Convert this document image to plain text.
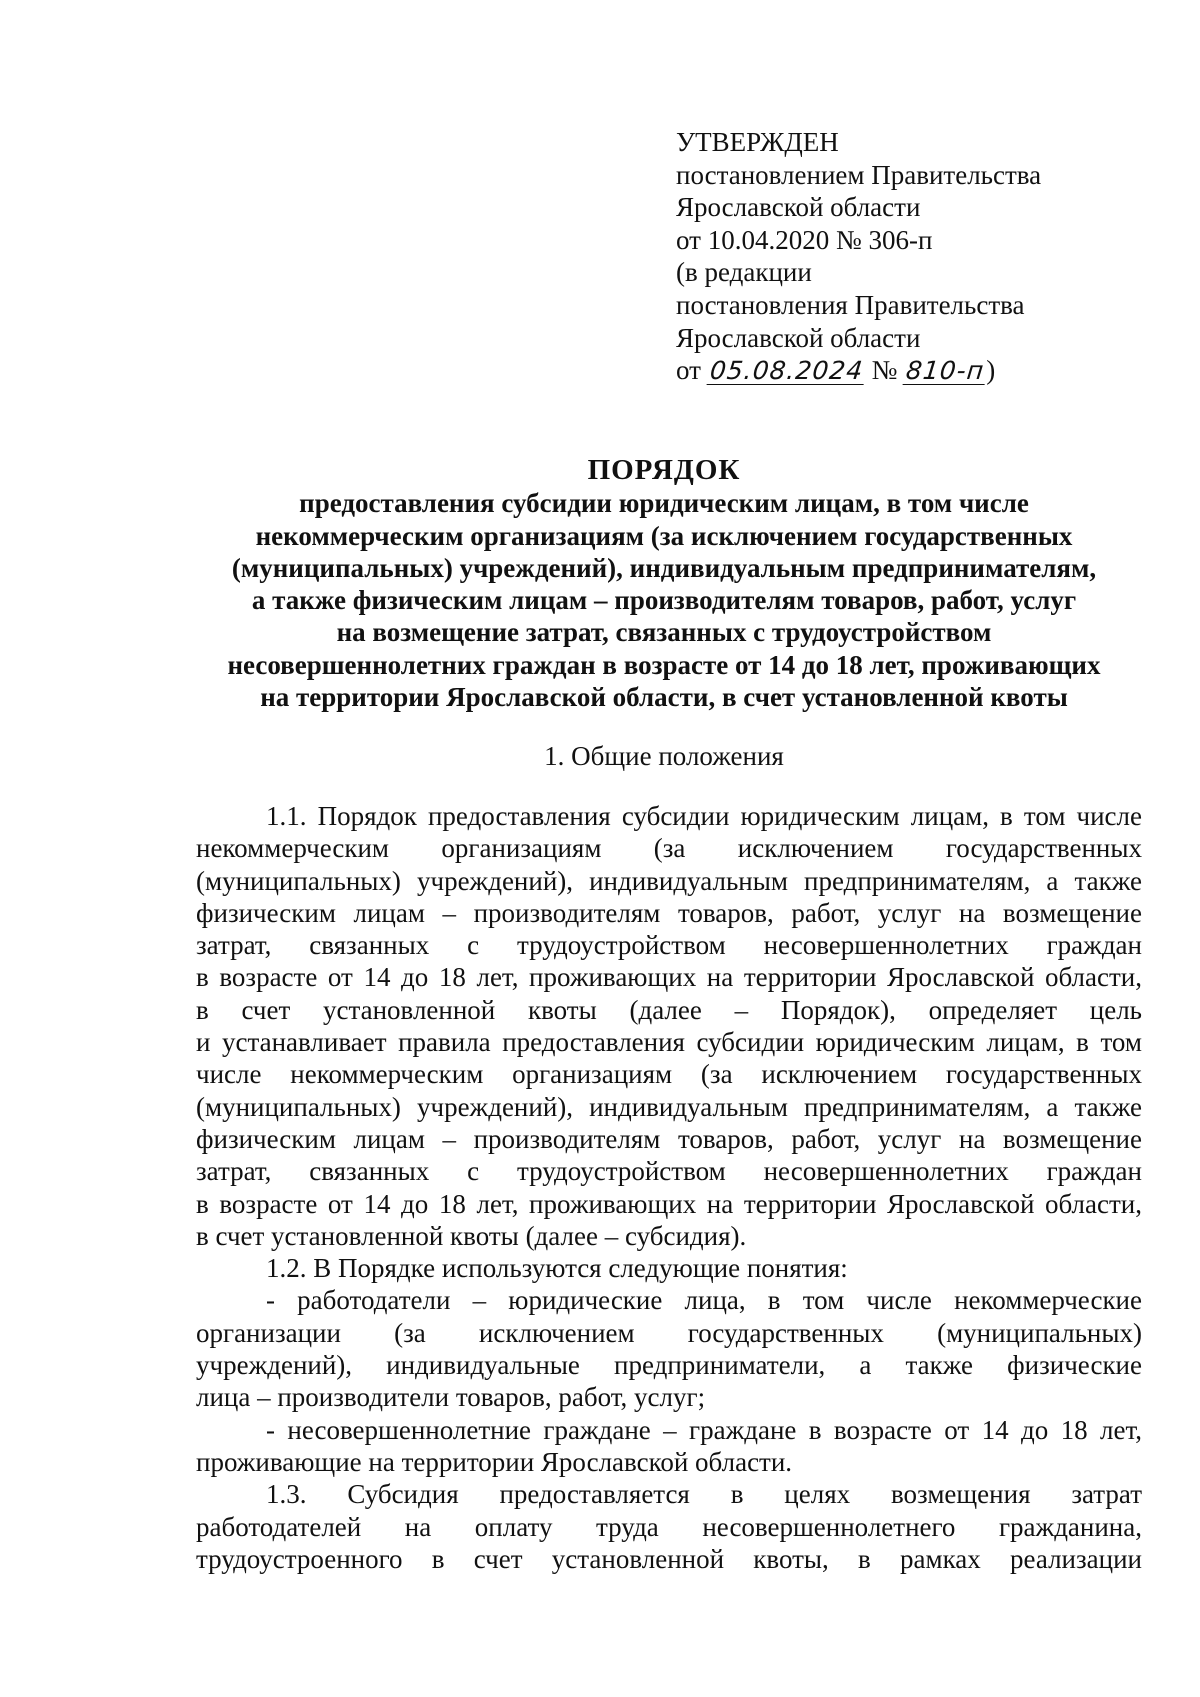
УТВЕРЖДЕН
постановлением Правительства
Ярославской области
от 10.04.2020 № 306-п
(в редакции
постановления Правительства
Ярославской области
от 05.08.2024 № 810-п)
ПОРЯДОК
предоставления субсидии юридическим лицам, в том числе
некоммерческим организациям (за исключением государственных
(муниципальных) учреждений), индивидуальным предпринимателям,
а также физическим лицам – производителям товаров, работ, услуг
на возмещение затрат, связанных с трудоустройством
несовершеннолетних граждан в возрасте от 14 до 18 лет, проживающих
на территории Ярославской области, в счет установленной квоты
1. Общие положения
1.1. Порядок предоставления субсидии юридическим лицам, в том числе
некоммерческим организациям (за исключением государственных
(муниципальных) учреждений), индивидуальным предпринимателям, а также
физическим лицам – производителям товаров, работ, услуг на возмещение
затрат, связанных с трудоустройством несовершеннолетних граждан
в возрасте от 14 до 18 лет, проживающих на территории Ярославской области,
в счет установленной квоты (далее – Порядок), определяет цель
и устанавливает правила предоставления субсидии юридическим лицам, в том
числе некоммерческим организациям (за исключением государственных
(муниципальных) учреждений), индивидуальным предпринимателям, а также
физическим лицам – производителям товаров, работ, услуг на возмещение
затрат, связанных с трудоустройством несовершеннолетних граждан
в возрасте от 14 до 18 лет, проживающих на территории Ярославской области,
в счет установленной квоты (далее – субсидия).
1.2. В Порядке используются следующие понятия:
- работодатели – юридические лица, в том числе некоммерческие
организации (за исключением государственных (муниципальных)
учреждений), индивидуальные предприниматели, а также физические
лица – производители товаров, работ, услуг;
- несовершеннолетние граждане – граждане в возрасте от 14 до 18 лет,
проживающие на территории Ярославской области.
1.3. Субсидия предоставляется в целях возмещения затрат
работодателей на оплату труда несовершеннолетнего гражданина,
трудоустроенного в счет установленной квоты, в рамках реализации
